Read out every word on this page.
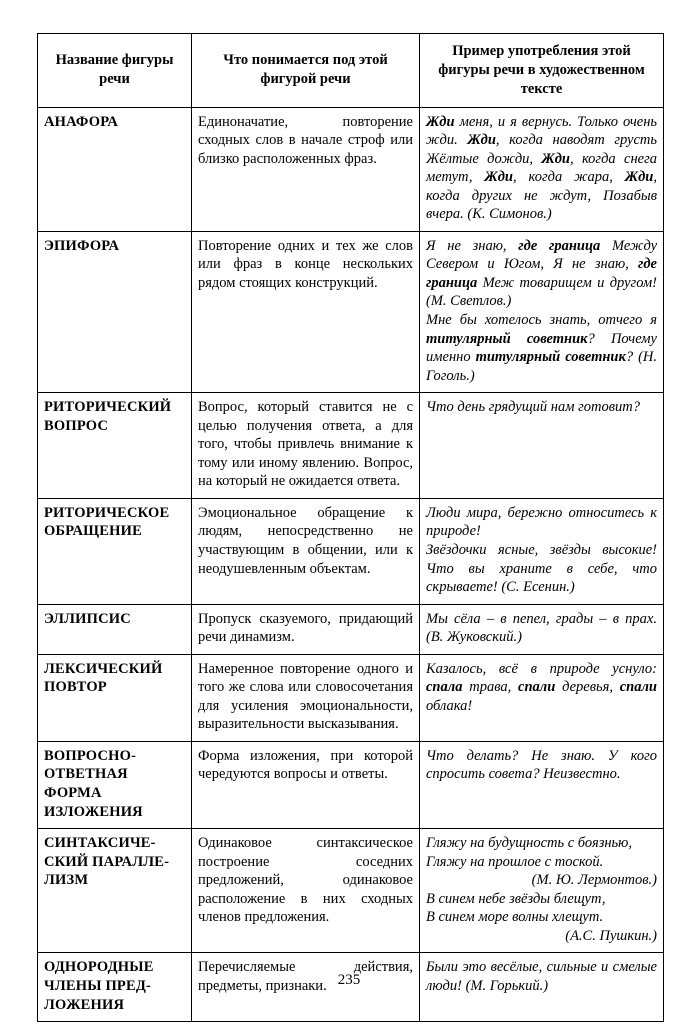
Название фигуры речи	Что понимается под этой фигурой речи	Пример употребления этой фигуры речи в художественном тексте
АНАФОРА	Единоначатие, повторение сходных слов в начале строф или близко расположенных фраз.	Жди меня, и я вернусь. Только очень жди. Жди, когда наводят грусть Жёлтые дожди, Жди, когда снега метут, Жди, когда жара, Жди, когда других не ждут, Позабыв вчера. (К. Симонов.)

ЭПИФОРА	Повторение одних и тех же слов или фраз в конце нескольких рядом стоящих конструкций.	Я не знаю, где граница Между Севером и Югом, Я не знаю, где граница Меж товарищем и другом! (М. Светлов.)
Мне бы хотелось знать, отчего я титулярный советник? Почему именно титулярный советник? (Н. Гоголь.)

РИТОРИЧЕСКИЙ ВОПРОС	Вопрос, который ставится не с целью получения ответа, а для того, чтобы привлечь внимание к тому или иному явлению. Вопрос, на который не ожидается ответа.	Что день грядущий нам готовит?

РИТОРИЧЕСКОЕ ОБРАЩЕНИЕ	Эмоциональное обращение к людям, непосредственно не участвующим в общении, или к неодушевленным объектам.	Люди мира, бережно относитесь к природе!
Звёздочки ясные, звёзды высокие! Что вы храните в себе, что скрываете! (С. Есенин.)

ЭЛЛИПСИС	Пропуск сказуемого, придающий речи динамизм.	Мы сёла – в пепел, грады – в прах. (В. Жуковский.)

ЛЕКСИЧЕСКИЙ ПОВТОР	Намеренное повторение одного и того же слова или словосочетания для усиления эмоциональности, выразительности высказывания.	Казалось, всё в природе уснуло: спала трава, спали деревья, спали облака!

ВОПРОСНО-ОТВЕТНАЯ ФОРМА ИЗЛОЖЕНИЯ	Форма изложения, при которой чередуются вопросы и ответы.	Что делать? Не знаю. У кого спросить совета? Неизвестно.

СИНТАКСИЧЕ-СКИЙ ПАРАЛЛЕ-ЛИЗМ	Одинаковое синтаксическое построение соседних предложений, одинаковое расположение в них сходных членов предложения.	
Гляжу на будущность с боязнью,
Гляжу на прошлое с тоской.
(М. Ю. Лермонтов.)
В синем небе звёзды блещут,
В синем море волны хлещут.
(А.С. Пушкин.)

ОДНОРОДНЫЕ ЧЛЕНЫ ПРЕД-ЛОЖЕНИЯ	Перечисляемые действия, предметы, признаки.	Были это весёлые, сильные и смелые люди! (М. Горький.)
235
